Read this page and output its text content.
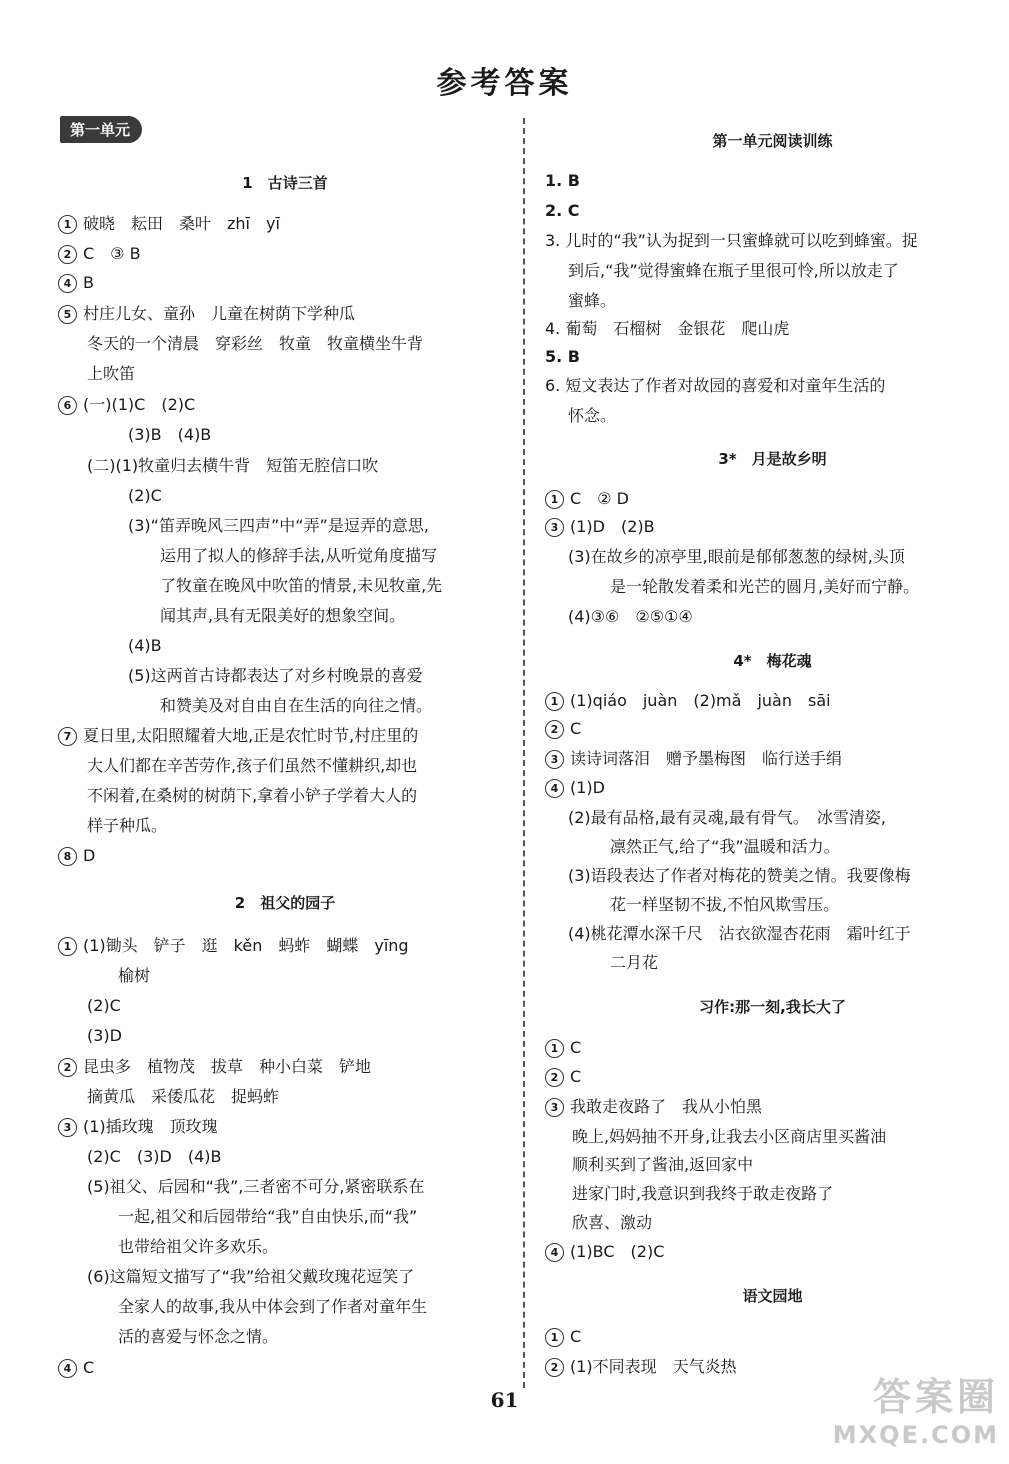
参考答案
第一单元
1　古诗三首
1 破晓　耘田　桑叶　zhī　yī
2 C　③ B
4 B
5 村庄儿女、童孙　儿童在树荫下学种瓜
冬天的一个清晨　穿彩丝　牧童　牧童横坐牛背
上吹笛
6 (一)(1)C　(2)C
(3)B　(4)B
(二)(1)牧童归去横牛背　短笛无腔信口吹
(2)C
(3)“笛弄晚风三四声”中“弄”是逗弄的意思,
运用了拟人的修辞手法,从听觉角度描写
了牧童在晚风中吹笛的情景,未见牧童,先
闻其声,具有无限美好的想象空间。
(4)B
(5)这两首古诗都表达了对乡村晚景的喜爱
和赞美及对自由自在生活的向往之情。
7 夏日里,太阳照耀着大地,正是农忙时节,村庄里的
大人们都在辛苦劳作,孩子们虽然不懂耕织,却也
不闲着,在桑树的树荫下,拿着小铲子学着大人的
样子种瓜。
8 D
2　祖父的园子
1 (1)锄头　铲子　逛　kěn　蚂蚱　蝴蝶　yīng
榆树
(2)C
(3)D
2 昆虫多　植物茂　拔草　种小白菜　铲地
摘黄瓜　采倭瓜花　捉蚂蚱
3 (1)插玫瑰　顶玫瑰
(2)C　(3)D　(4)B
(5)祖父、后园和“我”,三者密不可分,紧密联系在
一起,祖父和后园带给“我”自由快乐,而“我”
也带给祖父许多欢乐。
(6)这篇短文描写了“我”给祖父戴玫瑰花逗笑了
全家人的故事,我从中体会到了作者对童年生
活的喜爱与怀念之情。
4 C
第一单元阅读训练
1. B
2. C
3. 儿时的“我”认为捉到一只蜜蜂就可以吃到蜂蜜。捉
到后,“我”觉得蜜蜂在瓶子里很可怜,所以放走了
蜜蜂。
4. 葡萄　石榴树　金银花　爬山虎
5. B
6. 短文表达了作者对故园的喜爱和对童年生活的
怀念。
3*　月是故乡明
1 C　② D
3 (1)D　(2)B
(3)在故乡的凉亭里,眼前是郁郁葱葱的绿树,头顶
是一轮散发着柔和光芒的圆月,美好而宁静。
(4)③⑥　②⑤①④
4*　梅花魂
1 (1)qiáo　juàn　(2)mǎ　juàn　sāi
2 C
3 读诗词落泪　赠予墨梅图　临行送手绢
4 (1)D
(2)最有品格,最有灵魂,最有骨气。　冰雪清姿,
凛然正气,给了“我”温暖和活力。
(3)语段表达了作者对梅花的赞美之情。我要像梅
花一样坚韧不拔,不怕风欺雪压。
(4)桃花潭水深千尺　沾衣欲湿杏花雨　霜叶红于
二月花
习作:那一刻,我长大了
1 C
2 C
3 我敢走夜路了　我从小怕黑
晚上,妈妈抽不开身,让我去小区商店里买酱油
顺利买到了酱油,返回家中
进家门时,我意识到我终于敢走夜路了
欣喜、激动
4 (1)BC　(2)C
语文园地
1 C
2 (1)不同表现　天气炎热
61	答案圈
MXQE.COM
